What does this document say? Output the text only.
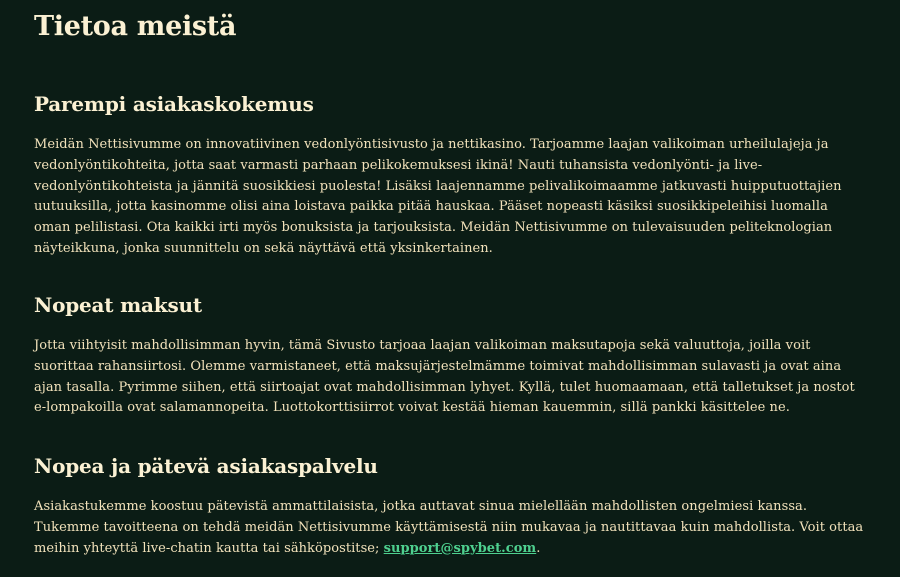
Tietoa meistä
Parempi asiakaskokemus

Meidän Nettisivumme on innovatiivinen vedonlyöntisivusto ja nettikasino. Tarjoamme laajan valikoiman urheilulajeja ja vedonlyöntikohteita, jotta saat varmasti parhaan pelikokemuksesi ikinä! Nauti tuhansista vedonlyönti- ja live-vedonlyöntikohteista ja jännitä suosikkiesi puolesta! Lisäksi laajennamme pelivalikoimaamme jatkuvasti huipputuottajien uutuuksilla, jotta kasinomme olisi aina loistava paikka pitää hauskaa. Pääset nopeasti käsiksi suosikkipeleihisi luomalla oman pelilistasi. Ota kaikki irti myös bonuksista ja tarjouksista. Meidän Nettisivumme on tulevaisuuden peliteknologian näyteikkuna, jonka suunnittelu on sekä näyttävä että yksinkertainen.

Nopeat maksut

Jotta viihtyisit mahdollisimman hyvin, tämä Sivusto tarjoaa laajan valikoiman maksutapoja sekä valuuttoja, joilla voit suorittaa rahansiirtosi. Olemme varmistaneet, että maksujärjestelmämme toimivat mahdollisimman sulavasti ja ovat aina ajan tasalla. Pyrimme siihen, että siirtoajat ovat mahdollisimman lyhyet. Kyllä, tulet huomaamaan, että talletukset ja nostot e-lompakoilla ovat salamannopeita. Luottokorttisiirrot voivat kestää hieman kauemmin, sillä pankki käsittelee ne.

Nopea ja pätevä asiakaspalvelu

Asiakastukemme koostuu pätevistä ammattilaisista, jotka auttavat sinua mielellään mahdollisten ongelmiesi kanssa. Tukemme tavoitteena on tehdä meidän Nettisivumme käyttämisestä niin mukavaa ja nautittavaa kuin mahdollista. Voit ottaa meihin yhteyttä live-chatin kautta tai sähköpostitse; support@spybet.com.
